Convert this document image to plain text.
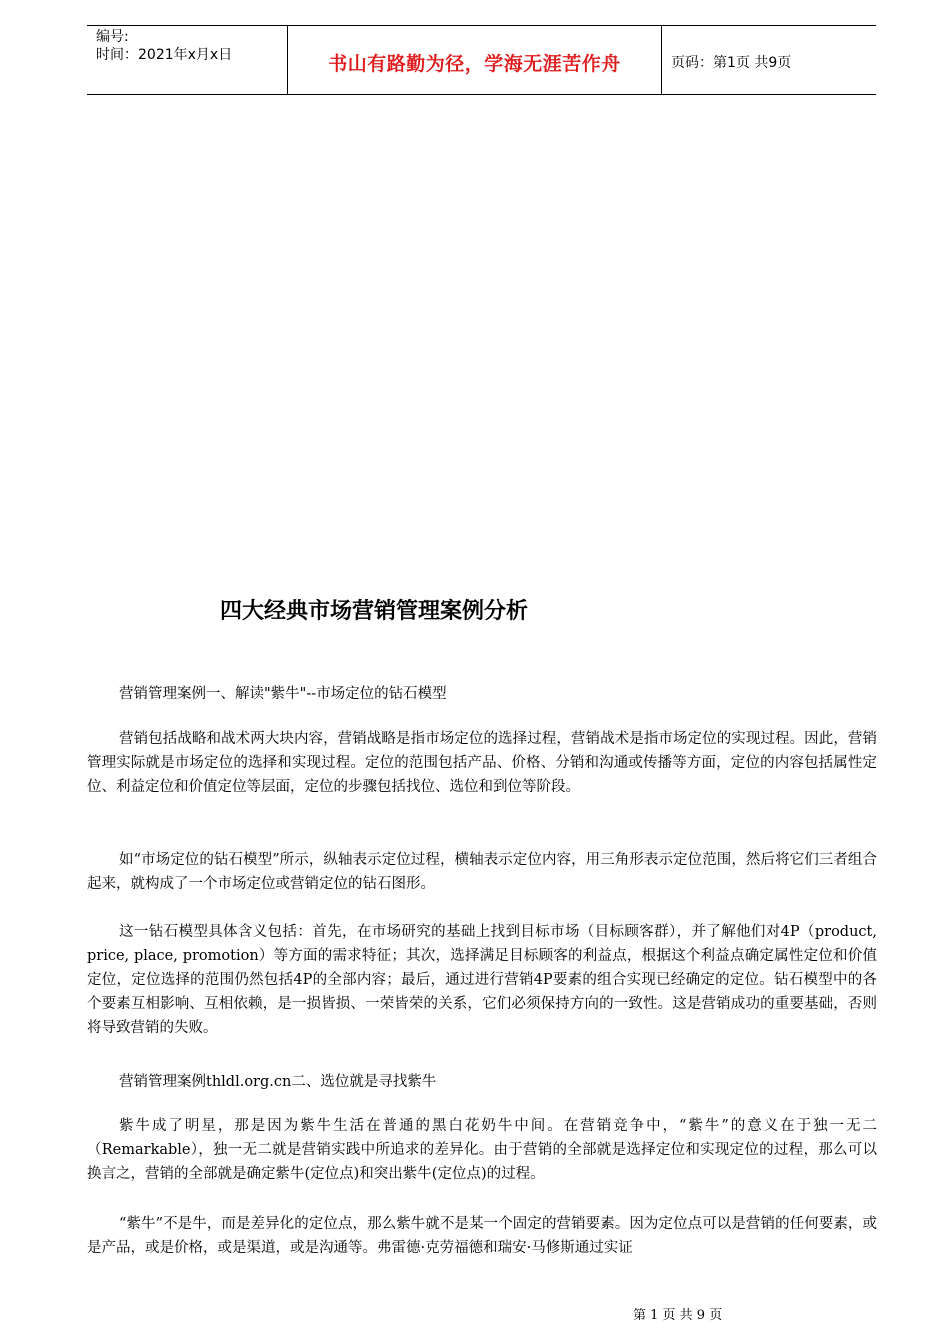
编号:
时间：2021年x月x日	书山有路勤为径，学海无涯苦作舟	页码：第1页 共9页
四大经典市场营销管理案例分析
营销管理案例一、解读"紫牛"--市场定位的钻石模型

营销包括战略和战术两大块内容，营销战略是指市场定位的选择过程，营销战术是指市场定位的实现过程。因此，营销管理实际就是市场定位的选择和实现过程。定位的范围包括产品、价格、分销和沟通或传播等方面，定位的内容包括属性定位、利益定位和价值定位等层面，定位的步骤包括找位、选位和到位等阶段。

如“市场定位的钻石模型”所示，纵轴表示定位过程，横轴表示定位内容，用三角形表示定位范围，然后将它们三者组合起来，就构成了一个市场定位或营销定位的钻石图形。

这一钻石模型具体含义包括：首先，在市场研究的基础上找到目标市场（目标顾客群），并了解他们对4P（product, price, place, promotion）等方面的需求特征；其次，选择满足目标顾客的利益点，根据这个利益点确定属性定位和价值定位，定位选择的范围仍然包括4P的全部内容；最后，通过进行营销4P要素的组合实现已经确定的定位。钻石模型中的各个要素互相影响、互相依赖，是一损皆损、一荣皆荣的关系，它们必须保持方向的一致性。这是营销成功的重要基础，否则将导致营销的失败。

营销管理案例thldl.org.cn二、选位就是寻找紫牛

紫牛成了明星，那是因为紫牛生活在普通的黑白花奶牛中间。在营销竞争中，“紫牛”的意义在于独一无二（Remarkable），独一无二就是营销实践中所追求的差异化。由于营销的全部就是选择定位和实现定位的过程，那么可以换言之，营销的全部就是确定紫牛(定位点)和突出紫牛(定位点)的过程。

“紫牛”不是牛，而是差异化的定位点，那么紫牛就不是某一个固定的营销要素。因为定位点可以是营销的任何要素，或是产品，或是价格，或是渠道，或是沟通等。弗雷德·克劳福德和瑞安·马修斯通过实证

第 1 页 共 9 页
